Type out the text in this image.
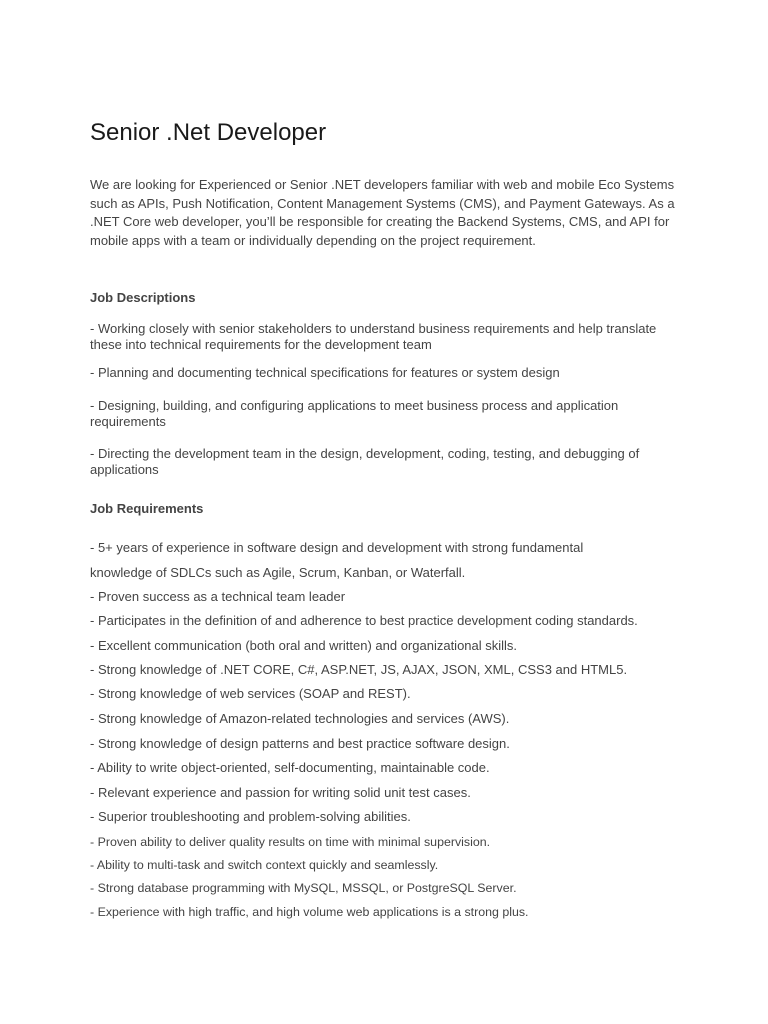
Senior .Net Developer

We are looking for Experienced or Senior .NET developers familiar with web and mobile Eco Systems such as APIs, Push Notification, Content Management Systems (CMS), and Payment Gateways. As a .NET Core web developer, you’ll be responsible for creating the Backend Systems, CMS, and API for mobile apps with a team or individually depending on the project requirement.

Job Descriptions

- Working closely with senior stakeholders to understand business requirements and help translate these into technical requirements for the development team

- Planning and documenting technical specifications for features or system design

- Designing, building, and configuring applications to meet business process and application requirements

- Directing the development team in the design, development, coding, testing, and debugging of applications

Job Requirements

- 5+ years of experience in software design and development with strong fundamental

knowledge of SDLCs such as Agile, Scrum, Kanban, or Waterfall.

- Proven success as a technical team leader

- Participates in the definition of and adherence to best practice development coding standards.

- Excellent communication (both oral and written) and organizational skills.

- Strong knowledge of .NET CORE, C#, ASP.NET, JS, AJAX, JSON, XML, CSS3 and HTML5.

- Strong knowledge of web services (SOAP and REST).

- Strong knowledge of Amazon-related technologies and services (AWS).

- Strong knowledge of design patterns and best practice software design.

- Ability to write object-oriented, self-documenting, maintainable code.

- Relevant experience and passion for writing solid unit test cases.

- Superior troubleshooting and problem-solving abilities.

- Proven ability to deliver quality results on time with minimal supervision.

- Ability to multi-task and switch context quickly and seamlessly.

- Strong database programming with MySQL, MSSQL, or PostgreSQL Server.

- Experience with high traffic, and high volume web applications is a strong plus.
